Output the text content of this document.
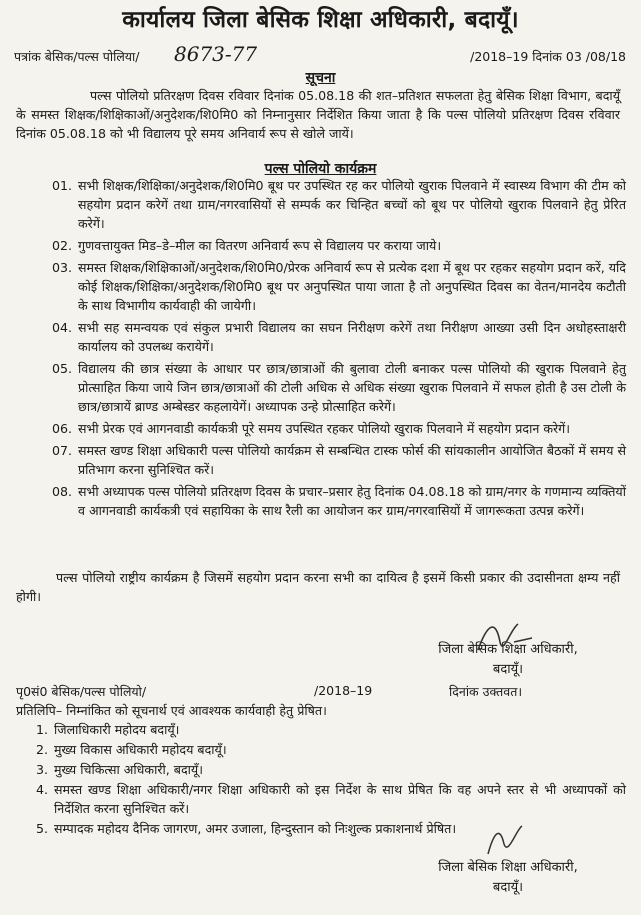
कार्यालय जिला बेसिक शिक्षा अधिकारी, बदायूँ।
पत्रांक बेसिक/पल्स पोलिया/ 8673-77	/2018–19 दिनांक 03 /08/18
सूचना
पल्स पोलियो प्रतिरक्षण दिवस रविवार दिनांक 05.08.18 की शत–प्रतिशत सफलता हेतु बेसिक शिक्षा विभाग, बदायूँ के समस्त शिक्षक/शिक्षिकाओं/अनुदेशक/शि0मि0 को निम्नानुसार निर्देशित किया जाता है कि पल्स पोलियो प्रतिरक्षण दिवस रविवार दिनांक 05.08.18 को भी विद्यालय पूरे समय अनिवार्य रूप से खोले जायें।
पल्स पोलियो कार्यक्रम
01. सभी शिक्षक/शिक्षिका/अनुदेशक/शि0मि0 बूथ पर उपस्थित रह कर पोलियो खुराक पिलवाने में स्वास्थ्य विभाग की टीम को सहयोग प्रदान करेगें तथा ग्राम/नगरवासियों से सम्पर्क कर चिन्हित बच्चों को बूथ पर पोलियो खुराक पिलवाने हेतु प्रेरित करेगें।
02. गुणवत्तायुक्त मिड–डे–मील का वितरण अनिवार्य रूप से विद्यालय पर कराया जाये।
03. समस्त शिक्षक/शिक्षिकाओं/अनुदेशक/शि0मि0/प्रेरक अनिवार्य रूप से प्रत्येक दशा में बूथ पर रहकर सहयोग प्रदान करें, यदि कोई शिक्षक/शिक्षिका/अनुदेशक/शि0मि0 बूथ पर अनुपस्थित पाया जाता है तो अनुपस्थित दिवस का वेतन/मानदेय कटौती के साथ विभागीय कार्यवाही की जायेगी।
04. सभी सह समन्वयक एवं संकुल प्रभारी विद्यालय का सघन निरीक्षण करेगें तथा निरीक्षण आख्या उसी दिन अधोहस्ताक्षरी कार्यालय को उपलब्ध करायेगें।
05. विद्यालय की छात्र संख्या के आधार पर छात्र/छात्राओं की बुलावा टोली बनाकर पल्स पोलियो की खुराक पिलवाने हेतु प्रोत्साहित किया जाये जिन छात्र/छात्राओं की टोली अधिक से अधिक संख्या खुराक पिलवाने में सफल होती है उस टोली के छात्र/छात्रायें ब्राण्ड अम्बेस्डर कहलायेगें। अध्यापक उन्हे प्रोत्साहित करेगें।
06. सभी प्रेरक एवं आगनवाडी कार्यकत्री पूरे समय उपस्थित रहकर पोलियो खुराक पिलवाने में सहयोग प्रदान करेगें।
07. समस्त खण्ड शिक्षा अधिकारी पल्स पोलियो कार्यक्रम से सम्बन्धित टास्क फोर्स की सांयकालीन आयोजित बैठकों में समय से प्रतिभाग करना सुनिश्चित करें।
08. सभी अध्यापक पल्स पोलियो प्रतिरक्षण दिवस के प्रचार–प्रसार हेतु दिनांक 04.08.18 को ग्राम/नगर के गणमान्य व्यक्तियों व आगनवाडी कार्यकत्री एवं सहायिका के साथ रैली का आयोजन कर ग्राम/नगरवासियों में जागरूकता उत्पन्न करेगें।
पल्स पोलियो राष्ट्रीय कार्यक्रम है जिसमें सहयोग प्रदान करना सभी का दायित्व है इसमें किसी प्रकार की उदासीनता क्षम्य नहीं होगी।
जिला बेसिक शिक्षा अधिकारी,
बदायूँ।
पृ0सं0 बेसिक/पल्स पोलियो/	/2018–19	दिनांक उक्तवत।
प्रतिलिपि– निम्नांकित को सूचनार्थ एवं आवश्यक कार्यवाही हेतु प्रेषित।
1. जिलाधिकारी महोदय बदायूँ।
2. मुख्य विकास अधिकारी महोदय बदायूँ।
3. मुख्य चिकित्सा अधिकारी, बदायूँ।
4. समस्त खण्ड शिक्षा अधिकारी/नगर शिक्षा अधिकारी को इस निर्देश के साथ प्रेषित कि वह अपने स्तर से भी अध्यापकों को निर्देशित करना सुनिश्चित करें।
5. सम्पादक महोदय दैनिक जागरण, अमर उजाला, हिन्दुस्तान को निःशुल्क प्रकाशनार्थ प्रेषित।
जिला बेसिक शिक्षा अधिकारी,
बदायूँ।
